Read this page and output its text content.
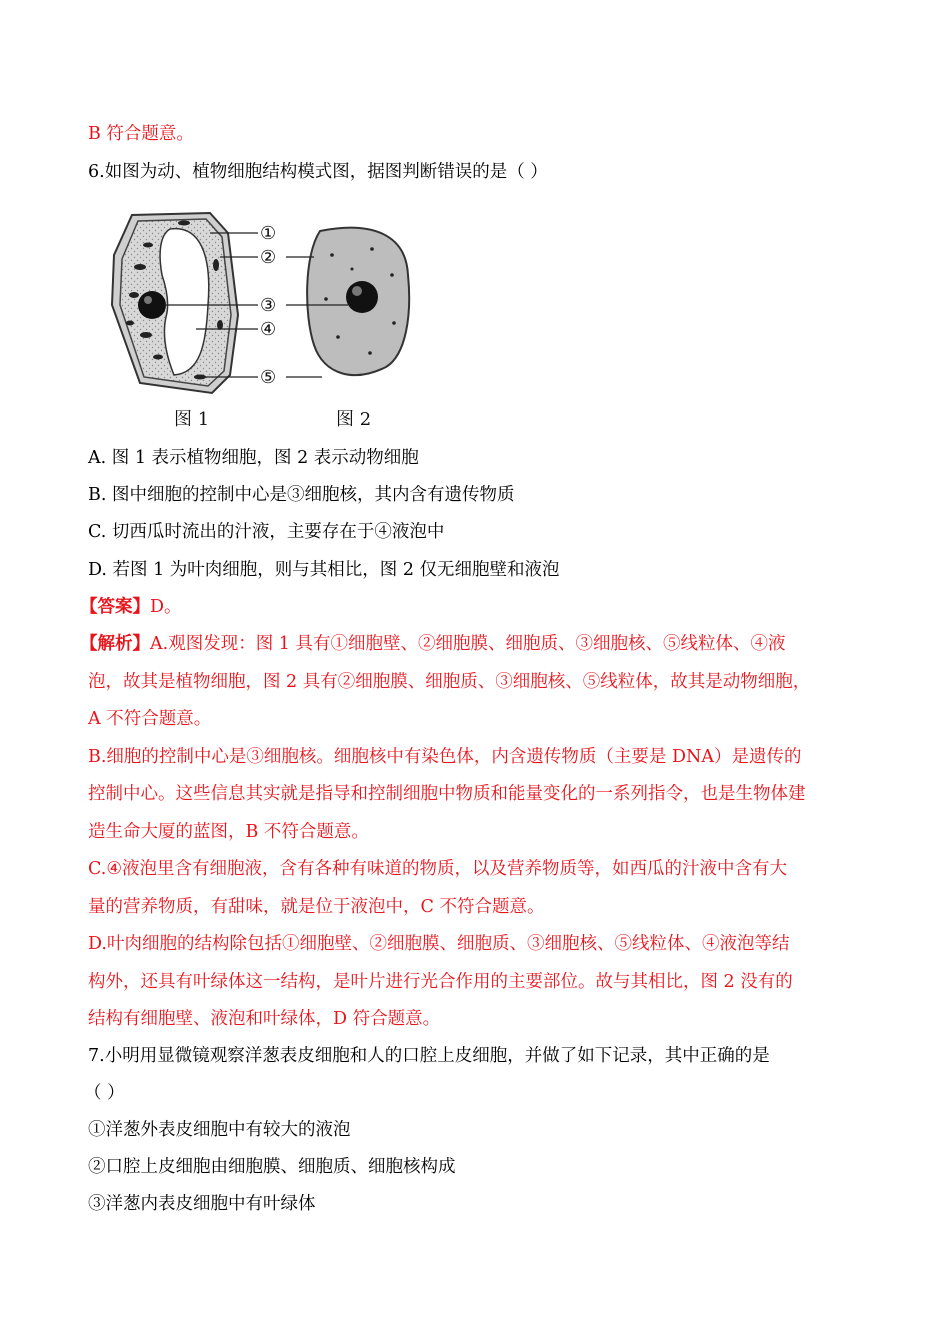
B 符合题意。
6.如图为动、植物细胞结构模式图，据图判断错误的是（ ）
①
②
③
④
⑤
图 1	图 2
A. 图 1 表示植物细胞，图 2 表示动物细胞
B. 图中细胞的控制中心是③细胞核，其内含有遗传物质
C. 切西瓜时流出的汁液，主要存在于④液泡中
D. 若图 1 为叶肉细胞，则与其相比，图 2 仅无细胞壁和液泡
【答案】D。
【解析】A.观图发现：图 1 具有①细胞壁、②细胞膜、细胞质、③细胞核、⑤线粒体、④液
泡，故其是植物细胞，图 2 具有②细胞膜、细胞质、③细胞核、⑤线粒体，故其是动物细胞，
A 不符合题意。
B.细胞的控制中心是③细胞核。细胞核中有染色体，内含遗传物质（主要是 DNA）是遗传的
控制中心。这些信息其实就是指导和控制细胞中物质和能量变化的一系列指令，也是生物体建
造生命大厦的蓝图，B 不符合题意。
C.④液泡里含有细胞液，含有各种有味道的物质，以及营养物质等，如西瓜的汁液中含有大
量的营养物质，有甜味，就是位于液泡中，C 不符合题意。
D.叶肉细胞的结构除包括①细胞壁、②细胞膜、细胞质、③细胞核、⑤线粒体、④液泡等结
构外，还具有叶绿体这一结构，是叶片进行光合作用的主要部位。故与其相比，图 2 没有的
结构有细胞壁、液泡和叶绿体，D 符合题意。
7.小明用显微镜观察洋葱表皮细胞和人的口腔上皮细胞，并做了如下记录，其中正确的是
（ ）
①洋葱外表皮细胞中有较大的液泡
②口腔上皮细胞由细胞膜、细胞质、细胞核构成
③洋葱内表皮细胞中有叶绿体
